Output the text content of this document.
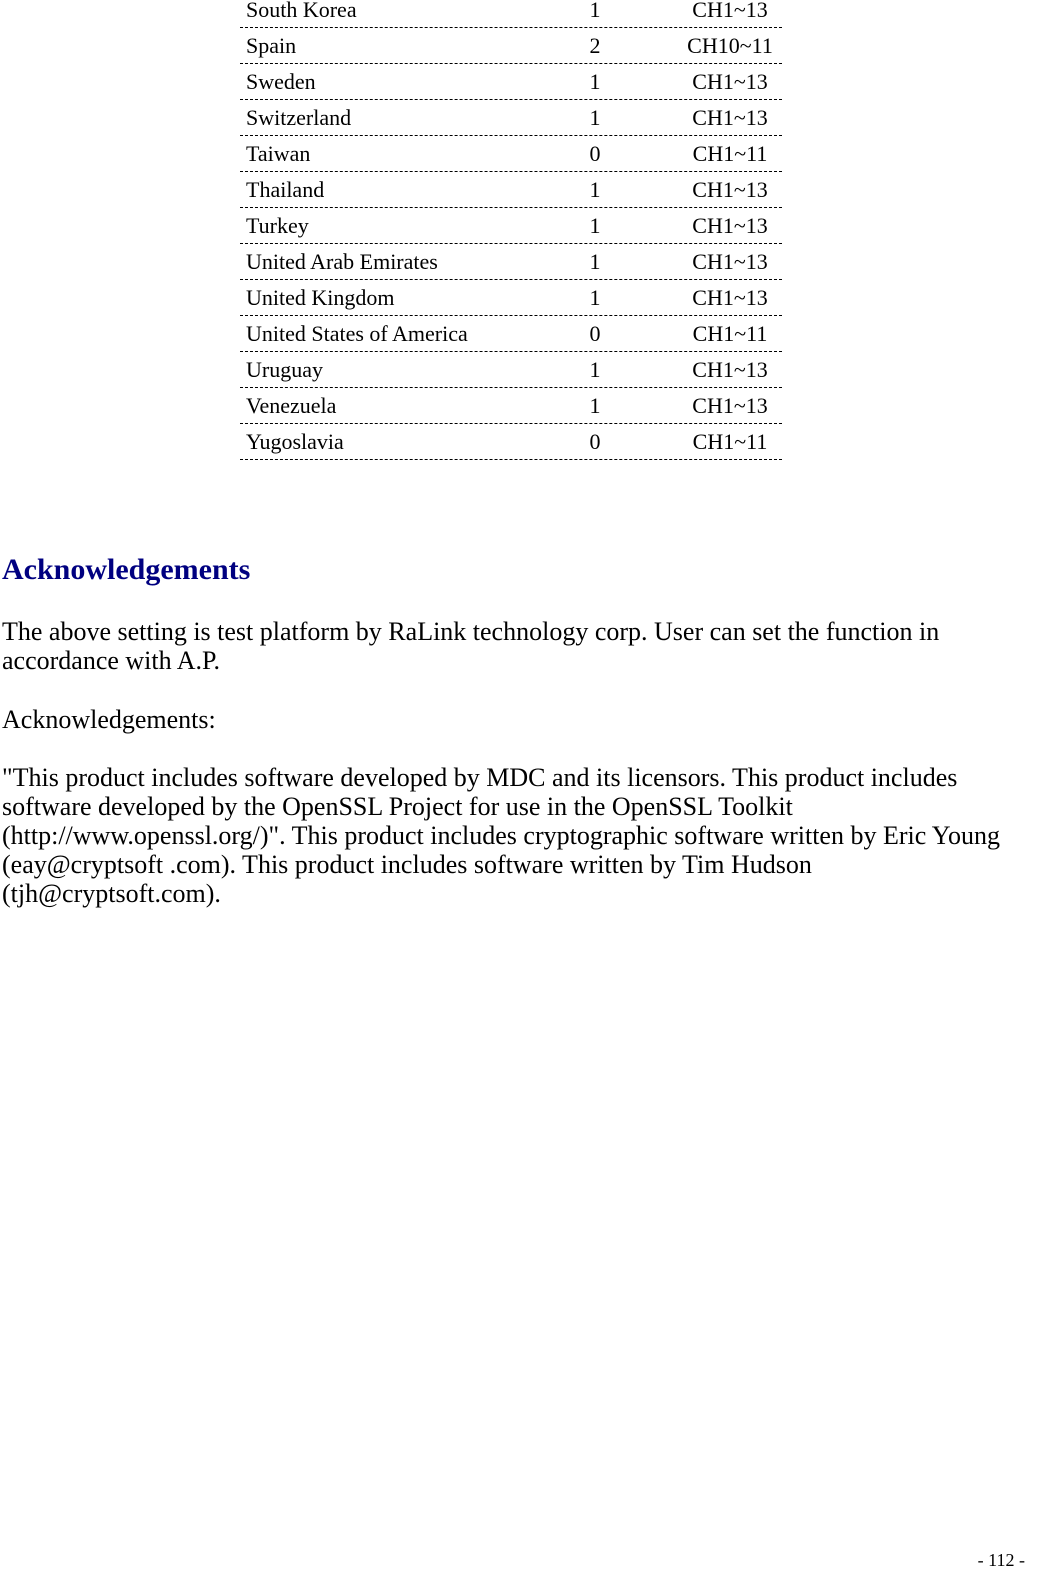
South Korea	1	CH1~13
Spain	2	CH10~11
Sweden	1	CH1~13
Switzerland	1	CH1~13
Taiwan	0	CH1~11
Thailand	1	CH1~13
Turkey	1	CH1~13
United Arab Emirates	1	CH1~13
United Kingdom	1	CH1~13
United States of America	0	CH1~11
Uruguay	1	CH1~13
Venezuela	1	CH1~13
Yugoslavia	0	CH1~11
Acknowledgements

The above setting is test platform by RaLink technology corp. User can set the function in accordance with A.P.

Acknowledgements:

"This product includes software developed by MDC and its licensors. This product includes software developed by the OpenSSL Project for use in the OpenSSL Toolkit (http://www.openssl.org/)". This product includes cryptographic software written by Eric Young (eay@cryptsoft .com). This product includes software written by Tim Hudson (tjh@cryptsoft.com).

- 112 -
